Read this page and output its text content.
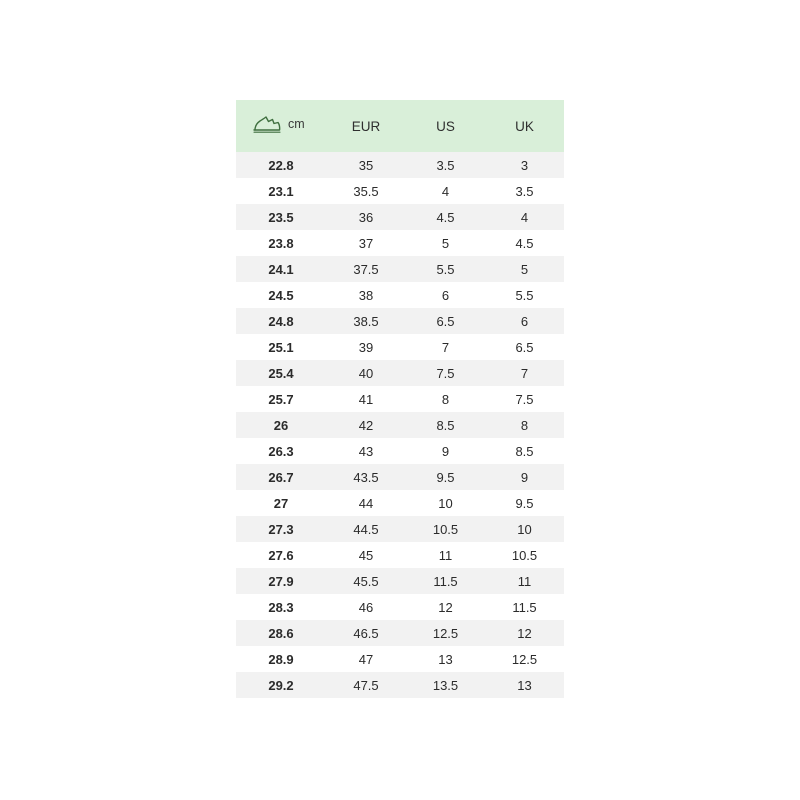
cm	EUR	US	UK
22.8	35	3.5	3
23.1	35.5	4	3.5
23.5	36	4.5	4
23.8	37	5	4.5
24.1	37.5	5.5	5
24.5	38	6	5.5
24.8	38.5	6.5	6
25.1	39	7	6.5
25.4	40	7.5	7
25.7	41	8	7.5
26	42	8.5	8
26.3	43	9	8.5
26.7	43.5	9.5	9
27	44	10	9.5
27.3	44.5	10.5	10
27.6	45	11	10.5
27.9	45.5	11.5	11
28.3	46	12	11.5
28.6	46.5	12.5	12
28.9	47	13	12.5
29.2	47.5	13.5	13
